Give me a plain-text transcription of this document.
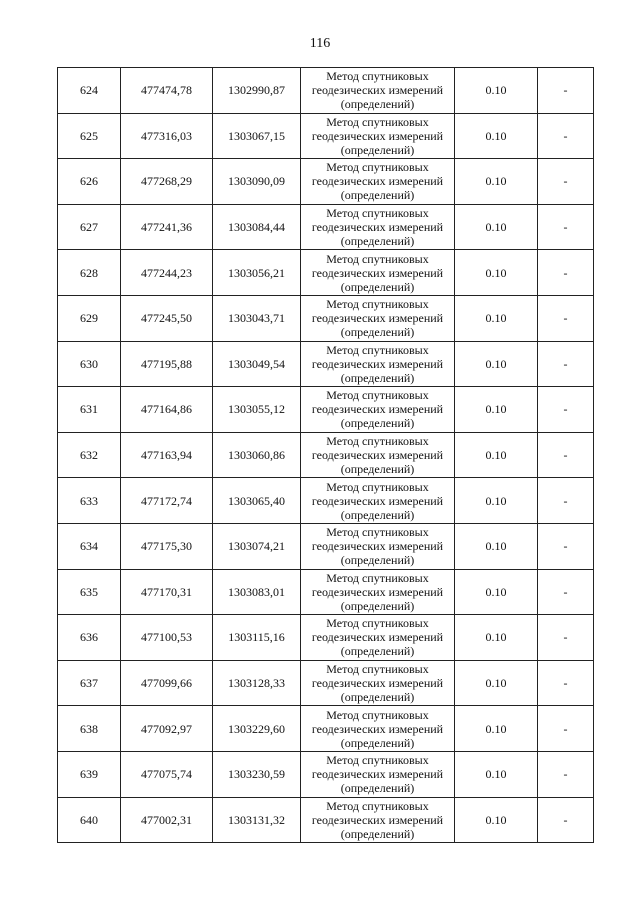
116
624	477474,78	1302990,87	Метод спутниковых геодезических измерений (определений)	0.10	-
625	477316,03	1303067,15	Метод спутниковых геодезических измерений (определений)	0.10	-
626	477268,29	1303090,09	Метод спутниковых геодезических измерений (определений)	0.10	-
627	477241,36	1303084,44	Метод спутниковых геодезических измерений (определений)	0.10	-
628	477244,23	1303056,21	Метод спутниковых геодезических измерений (определений)	0.10	-
629	477245,50	1303043,71	Метод спутниковых геодезических измерений (определений)	0.10	-
630	477195,88	1303049,54	Метод спутниковых геодезических измерений (определений)	0.10	-
631	477164,86	1303055,12	Метод спутниковых геодезических измерений (определений)	0.10	-
632	477163,94	1303060,86	Метод спутниковых геодезических измерений (определений)	0.10	-
633	477172,74	1303065,40	Метод спутниковых геодезических измерений (определений)	0.10	-
634	477175,30	1303074,21	Метод спутниковых геодезических измерений (определений)	0.10	-
635	477170,31	1303083,01	Метод спутниковых геодезических измерений (определений)	0.10	-
636	477100,53	1303115,16	Метод спутниковых геодезических измерений (определений)	0.10	-
637	477099,66	1303128,33	Метод спутниковых геодезических измерений (определений)	0.10	-
638	477092,97	1303229,60	Метод спутниковых геодезических измерений (определений)	0.10	-
639	477075,74	1303230,59	Метод спутниковых геодезических измерений (определений)	0.10	-
640	477002,31	1303131,32	Метод спутниковых геодезических измерений (определений)	0.10	-
